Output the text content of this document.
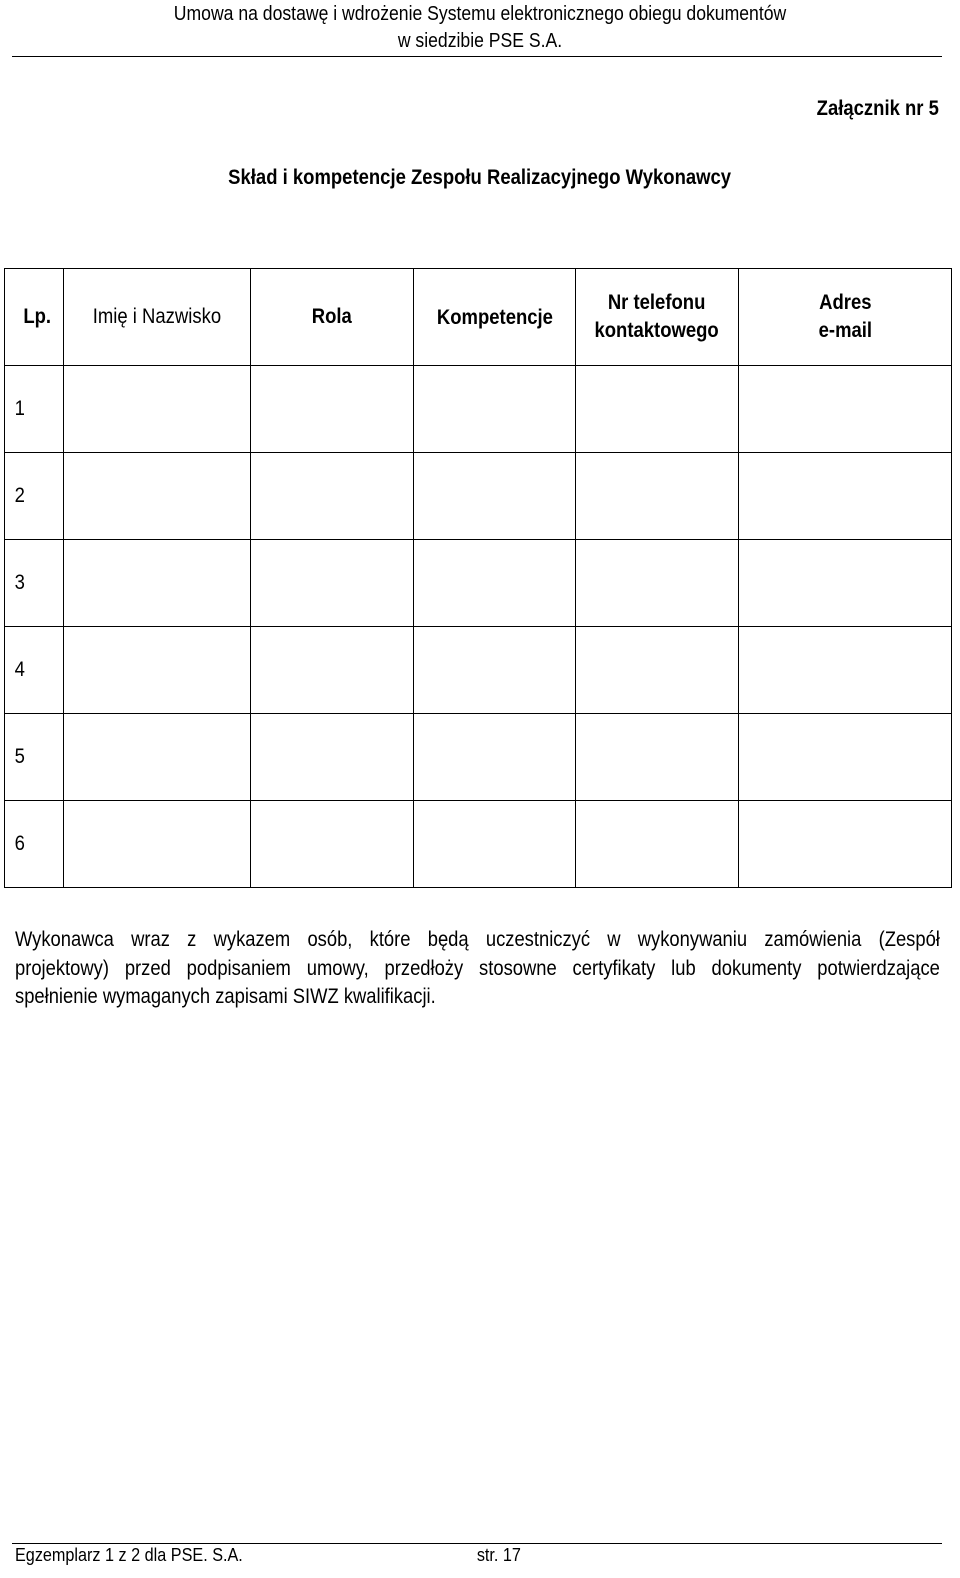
Umowa na dostawę i wdrożenie Systemu elektronicznego obiegu dokumentów
w siedzibie PSE S.A.
Załącznik nr 5
Skład i kompetencje Zespołu Realizacyjnego Wykonawcy
Lp.	Imię i Nazwisko	Rola	Kompetencje	Nr telefonu
kontaktowego	Adres
e-mail
1					
2					
3					
4					
5					
6					
Wykonawca wraz z wykazem osób, które będą uczestniczyć w wykonywaniu zamówienia (Zespół
projektowy) przed podpisaniem umowy, przedłoży stosowne certyfikaty lub dokumenty potwierdzające
spełnienie wymaganych zapisami SIWZ kwalifikacji.
Egzemplarz 1 z 2 dla PSE. S.A.	str. 17
